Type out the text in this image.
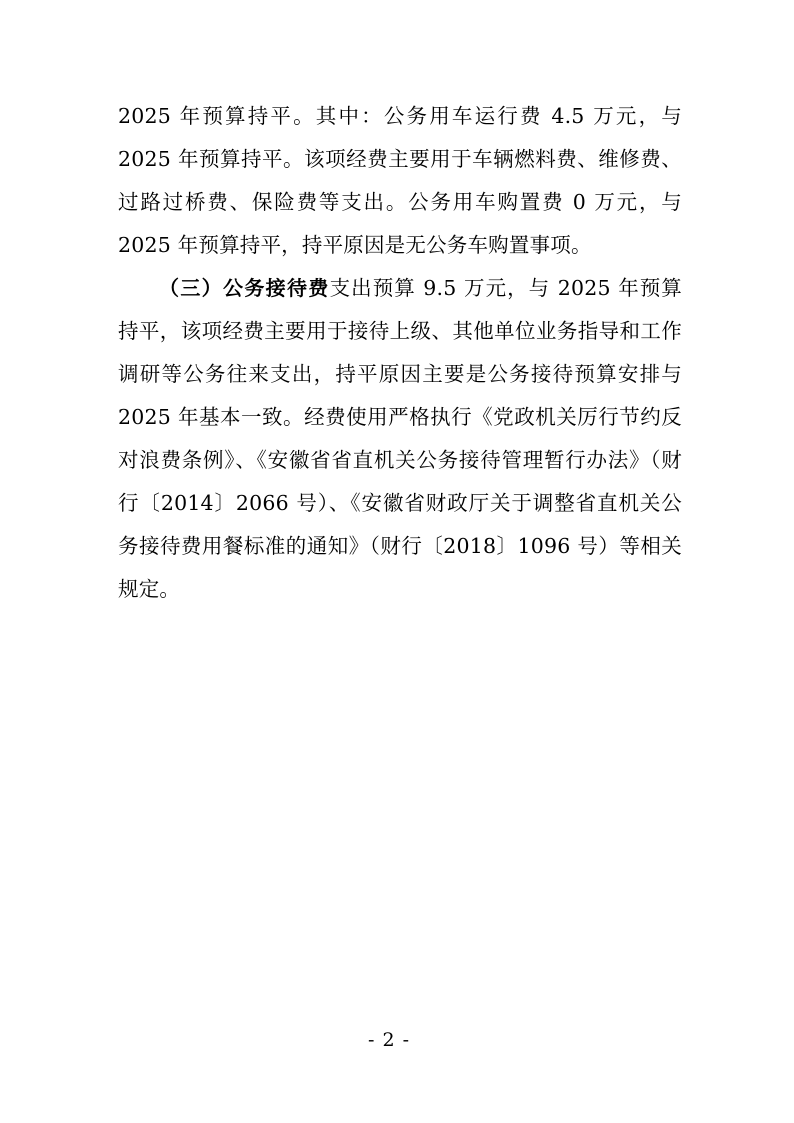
2025 年预算持平。其中：公务用车运行费 4.5 万元，与 2025 年预算持平。该项经费主要用于车辆燃料费、维修费、过路过桥费、保险费等支出。公务用车购置费 0 万元，与 2025 年预算持平，持平原因是无公务车购置事项。

（三）公务接待费支出预算 9.5 万元，与 2025 年预算持平，该项经费主要用于接待上级、其他单位业务指导和工作调研等公务往来支出，持平原因主要是公务接待预算安排与 2025 年基本一致。经费使用严格执行《党政机关厉行节约反对浪费条例》、《安徽省省直机关公务接待管理暂行办法》（财行〔2014〕2066 号）、《安徽省财政厅关于调整省直机关公务接待费用餐标准的通知》（财行〔2018〕1096 号）等相关规定。

- 2 -
